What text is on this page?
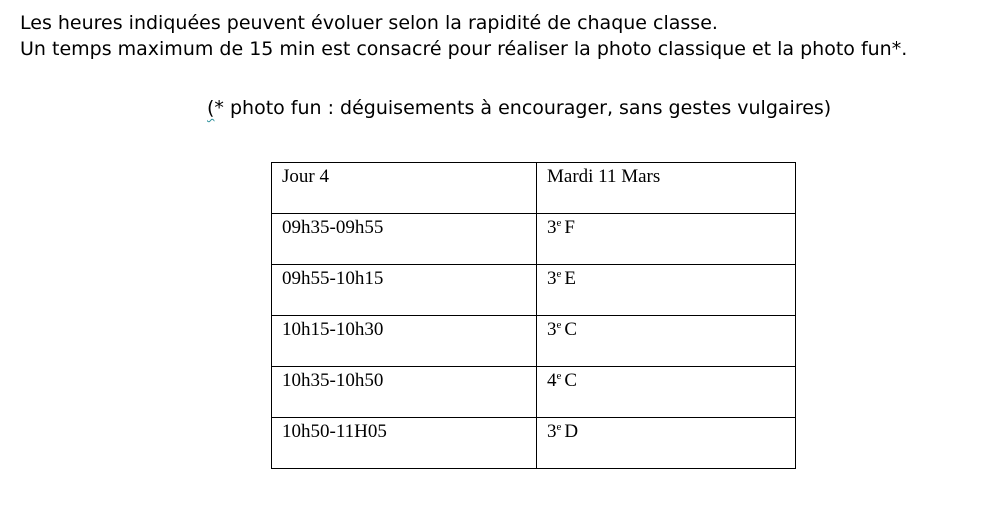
Les heures indiquées peuvent évoluer selon la rapidité de chaque classe.

Un temps maximum de 15 min est consacré pour réaliser la photo classique et la photo fun*.

(* photo fun : déguisements à encourager, sans gestes vulgaires)
Jour 4	Mardi 11 Mars

09h35-09h55	3e F

09h55-10h15	3e E

10h15-10h30	3e C

10h35-10h50	4e C

10h50-11H05	3e D
